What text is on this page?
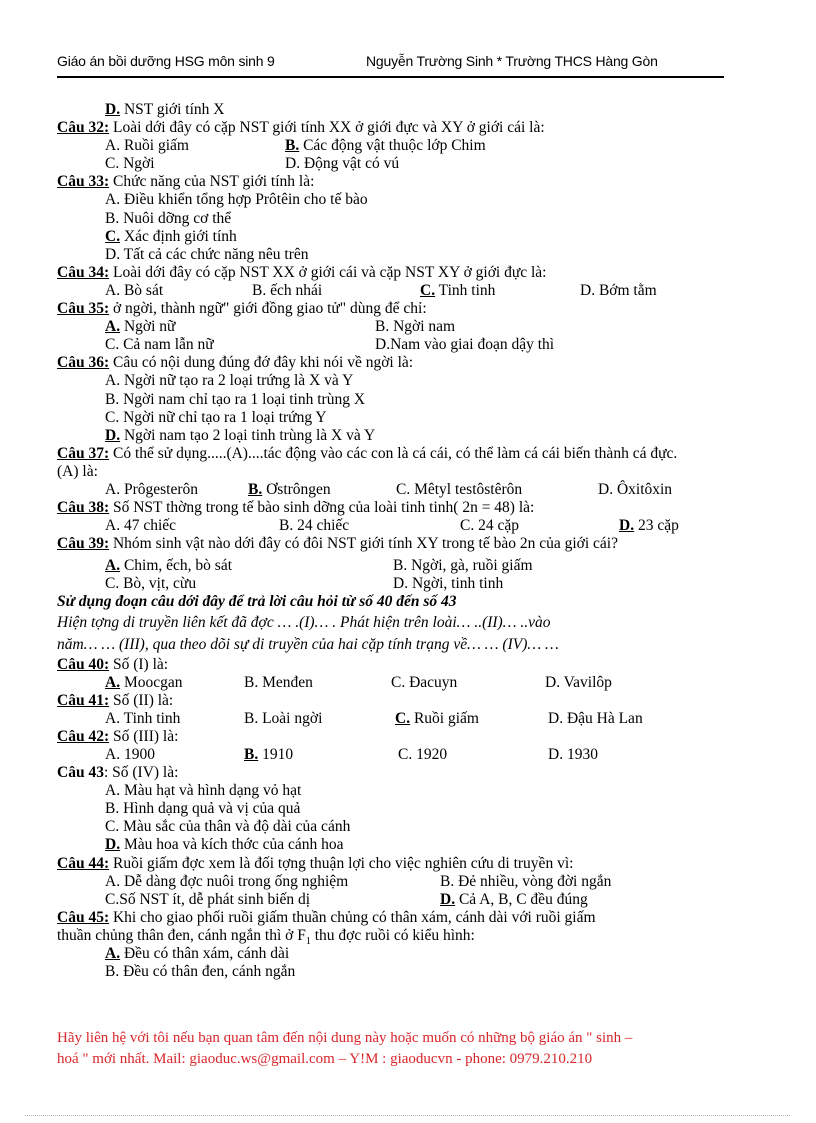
Giáo án bồi dưỡng HSG môn sinh 9	Nguyễn Trường Sinh * Trường THCS Hàng Gòn
D. NST giới tính X
Câu 32: Loài dới đây có cặp NST giới tính XX ở giới đực và XY ở giới cái là:
A. Ruồi giấm	B. Các động vật thuộc lớp Chim
C. Ngời	D. Động vật có vú
Câu 33: Chức năng của NST giới tính là:
A. Điều khiển tổng hợp Prôtêin cho tế bào
B. Nuôi dỡng cơ thể
C. Xác định giới tính
D. Tất cả các chức năng nêu trên
Câu 34: Loài dới đây có cặp NST XX ở giới cái và cặp NST XY ở giới đực là:
A. Bò sát	B. ếch nhái	C. Tinh tinh	D. Bớm tằm
Câu 35: ở ngời, thành ngữ" giới đồng giao tử" dùng để chỉ:
A. Ngời nữ	B. Ngời nam
C. Cả nam lẫn nữ	D.Nam vào giai đoạn dậy thì
Câu 36: Câu có nội dung đúng đớ đây khi nói về ngời là:
A. Ngời nữ tạo ra 2 loại trứng là X và Y
B. Ngời nam chỉ tạo ra 1 loại tinh trùng X
C. Ngời nữ chỉ tạo ra 1 loại trứng Y
D. Ngời nam tạo 2 loại tinh trùng là X và Y
Câu 37: Có thể sử dụng.....(A)....tác động vào các con là cá cái, có thể làm cá cái biến thành cá đực.
(A) là:
A. Prôgesterôn	B. Ơstrôngen	C. Mêtyl testôstêrôn	D. Ôxitôxin
Câu 38: Số NST thờng trong tế bào sinh dỡng của loài tinh tinh( 2n = 48) là:
A. 47 chiếc	B. 24 chiếc	C. 24 cặp	D. 23 cặp
Câu 39: Nhóm sinh vật nào dới đây có đôi NST giới tính XY trong tế bào 2n của giới cái?
A. Chim, ếch, bò sát	B. Ngời, gà, ruồi giấm
C. Bò, vịt, cừu	D. Ngời, tinh tinh
Sử dụng đoạn câu dới đây để trả lời câu hỏi từ số 40 đến số 43
Hiện tợng di truyền liên kết đã đợc … .(I)… . Phát hiện trên loài… ..(II)… ..vào
năm… … (III), qua theo dõi sự di truyền của hai cặp tính trạng về… … (IV)… …
Câu 40: Số (I) là:
A. Moocgan	B. Menđen	C. Đacuyn	D. Vavilôp
Câu 41: Số (II) là:
A. Tinh tinh	B. Loài ngời	C. Ruồi giấm	D. Đậu Hà Lan
Câu 42: Số (III) là:
A. 1900	B. 1910	C. 1920	D. 1930
Câu 43: Số (IV) là:
A. Màu hạt và hình dạng vỏ hạt
B. Hình dạng quả và vị của quả
C. Màu sắc của thân và độ dài của cánh
D. Màu hoa và kích thớc của cánh hoa
Câu 44: Ruồi giấm đợc xem là đối tợng thuận lợi cho việc nghiên cứu di truyền vì:
A. Dễ dàng đợc nuôi trong ống nghiệm	B. Đẻ nhiều, vòng đời ngắn
C.Số NST ít, dễ phát sinh biến dị	D. Cả A, B, C đều đúng
Câu 45: Khi cho giao phối ruồi giấm thuần chủng có thân xám, cánh dài với ruồi giấm
thuần chủng thân đen, cánh ngắn thì ở $F_1$ thu đợc ruồi có kiểu hình:
A. Đều có thân xám, cánh dài
B. Đều có thân đen, cánh ngắn
Hãy liên hệ với tôi nếu bạn quan tâm đến nội dung này hoặc muốn có những bộ giáo án " sinh –
hoá " mới nhất. Mail: giaoduc.ws@gmail.com – Y!M : giaoducvn - phone: 0979.210.210
